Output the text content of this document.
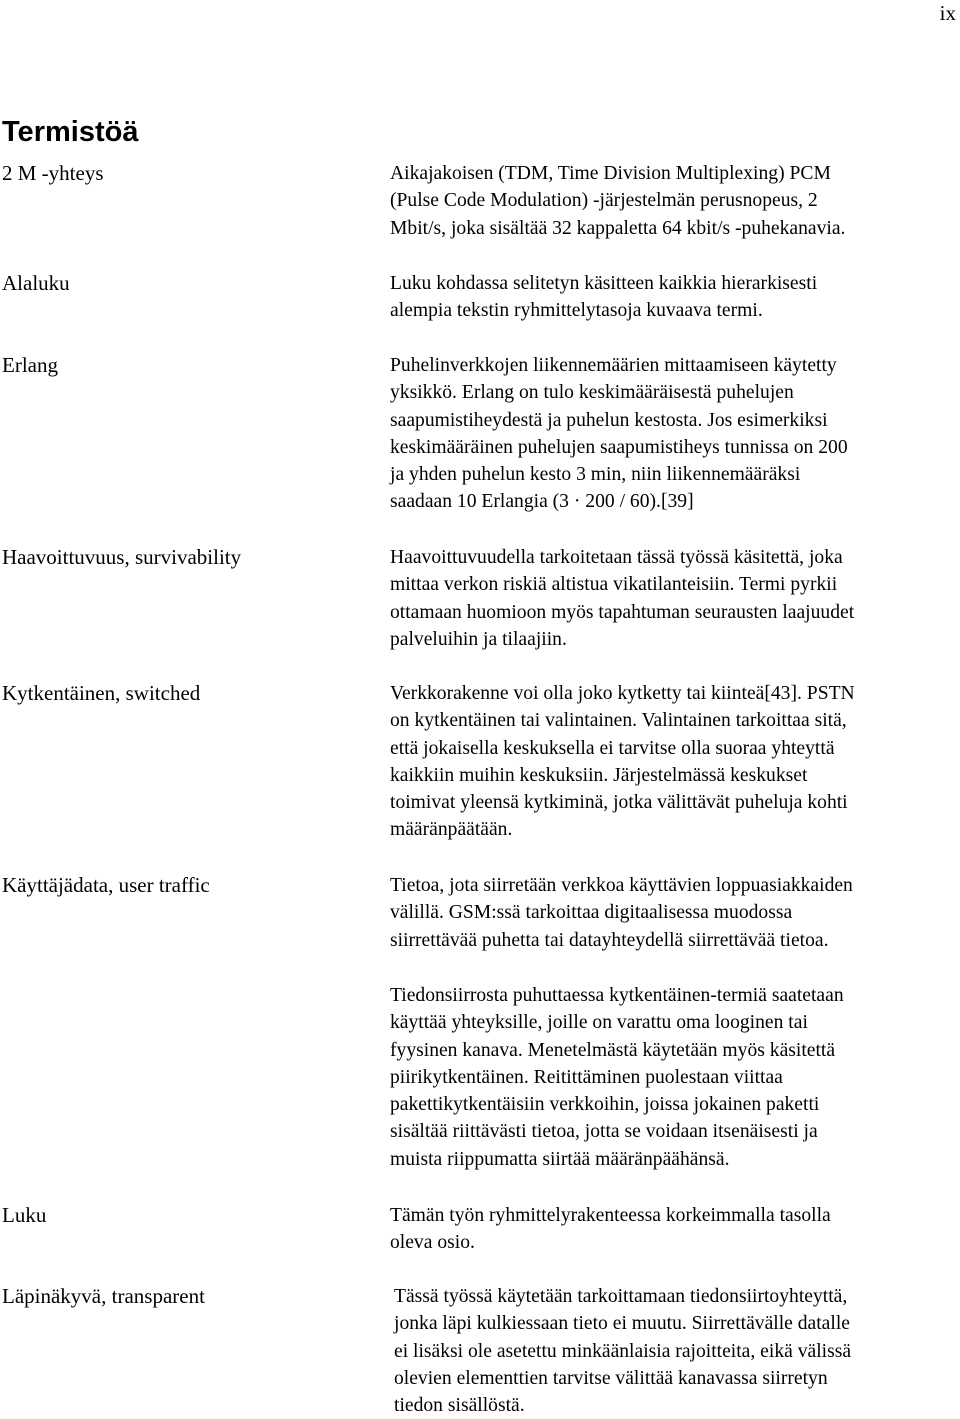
ix
Termistöä
2 M -yhteys	Aikajakoisen (TDM, Time Division Multiplexing) PCM
(Pulse Code Modulation) -järjestelmän perusnopeus, 2
Mbit/s, joka sisältää 32 kappaletta 64 kbit/s -puhekanavia.
Alaluku	Luku kohdassa selitetyn käsitteen kaikkia hierarkisesti
alempia tekstin ryhmittelytasoja kuvaava termi.
Erlang	Puhelinverkkojen liikennemäärien mittaamiseen käytetty
yksikkö. Erlang on tulo keskimääräisestä puhelujen
saapumistiheydestä ja puhelun kestosta. Jos esimerkiksi
keskimääräinen puhelujen saapumistiheys tunnissa on 200
ja yhden puhelun kesto 3 min, niin liikennemääräksi
saadaan 10 Erlangia (3 · 200 / 60).[39]
Haavoittuvuus, survivability	Haavoittuvuudella tarkoitetaan tässä työssä käsitettä, joka
mittaa verkon riskiä altistua vikatilanteisiin. Termi pyrkii
ottamaan huomioon myös tapahtuman seurausten laajuudet
palveluihin ja tilaajiin.
Kytkentäinen, switched	Verkkorakenne voi olla joko kytketty tai kiinteä[43]. PSTN
on kytkentäinen tai valintainen. Valintainen tarkoittaa sitä,
että jokaisella keskuksella ei tarvitse olla suoraa yhteyttä
kaikkiin muihin keskuksiin. Järjestelmässä keskukset
toimivat yleensä kytkiminä, jotka välittävät puheluja kohti
määränpäätään.
Käyttäjädata, user traffic	Tietoa, jota siirretään verkkoa käyttävien loppuasiakkaiden
välillä. GSM:ssä tarkoittaa digitaalisessa muodossa
siirrettävää puhetta tai datayhteydellä siirrettävää tietoa.
Tiedonsiirrosta puhuttaessa kytkentäinen-termiä saatetaan
käyttää yhteyksille, joille on varattu oma looginen tai
fyysinen kanava. Menetelmästä käytetään myös käsitettä
piirikytkentäinen. Reitittäminen puolestaan viittaa
pakettikytkentäisiin verkkoihin, joissa jokainen paketti
sisältää riittävästi tietoa, jotta se voidaan itsenäisesti ja
muista riippumatta siirtää määränpäähänsä.
Luku	Tämän työn ryhmittelyrakenteessa korkeimmalla tasolla
oleva osio.
Läpinäkyvä, transparent	Tässä työssä käytetään tarkoittamaan tiedonsiirtoyhteyttä,
jonka läpi kulkiessaan tieto ei muutu. Siirrettävälle datalle
ei lisäksi ole asetettu minkäänlaisia rajoitteita, eikä välissä
olevien elementtien tarvitse välittää kanavassa siirretyn
tiedon sisällöstä.
